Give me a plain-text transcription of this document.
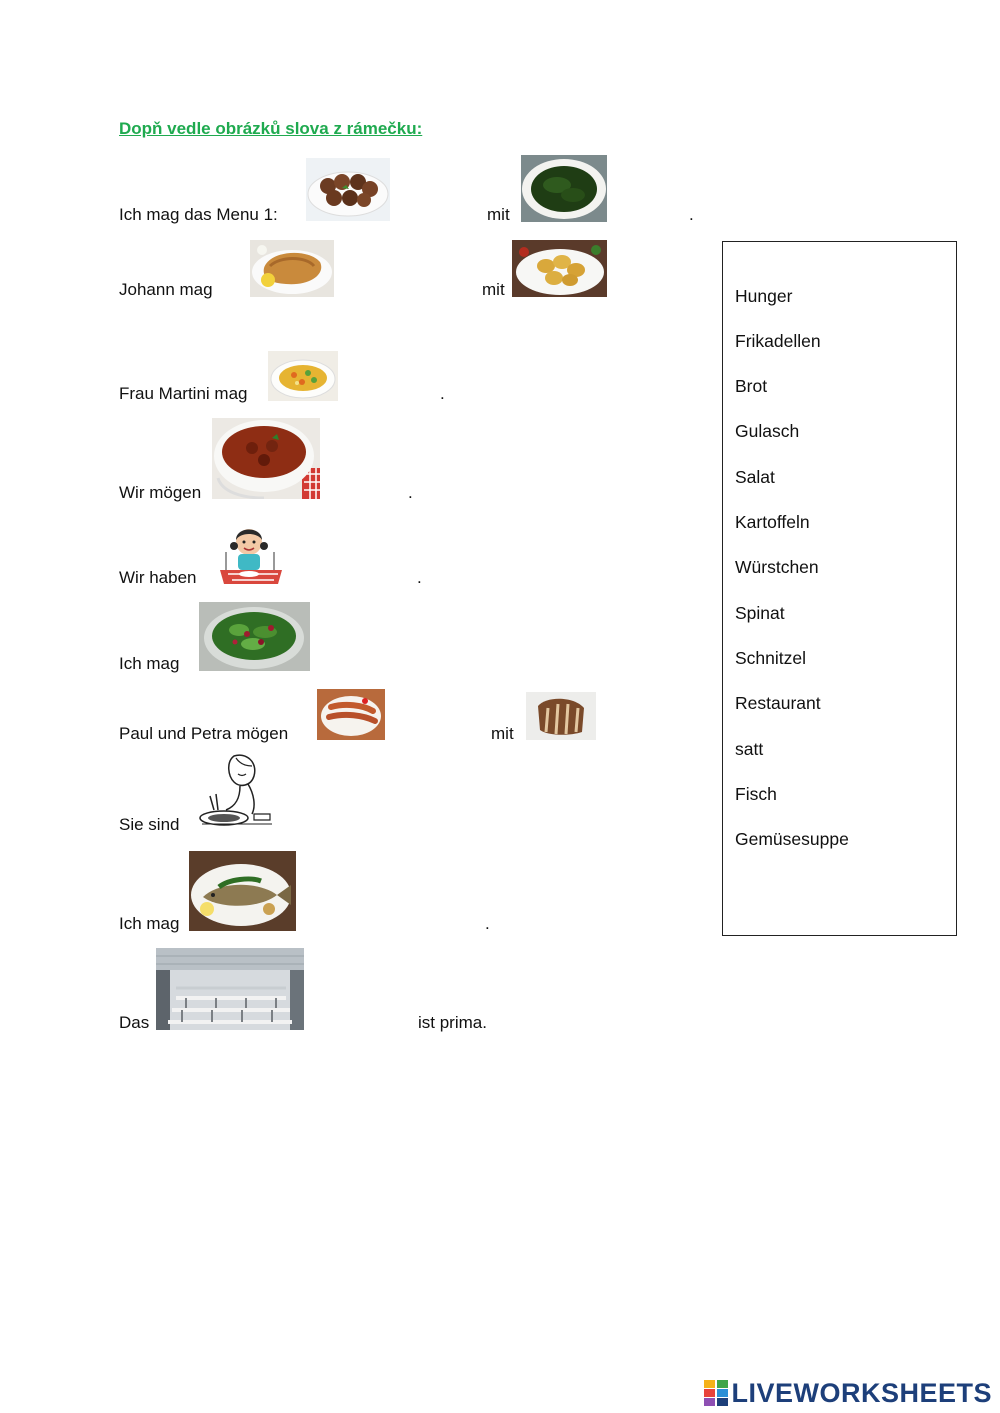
Dopň vedle obrázků slova z rámečku:
Ich mag das Menu 1:	mit	.
Johann mag	mit
Frau Martini mag	.
Wir mögen	.
Wir haben	.
Ich mag
Paul und Petra mögen	mit
Sie sind
Ich mag	.
Das	ist prima.
Hunger
Frikadellen
Brot
Gulasch
Salat
Kartoffeln
Würstchen
Spinat
Schnitzel
Restaurant
satt
Fisch
Gemüsesuppe
LIVEWORKSHEETS
